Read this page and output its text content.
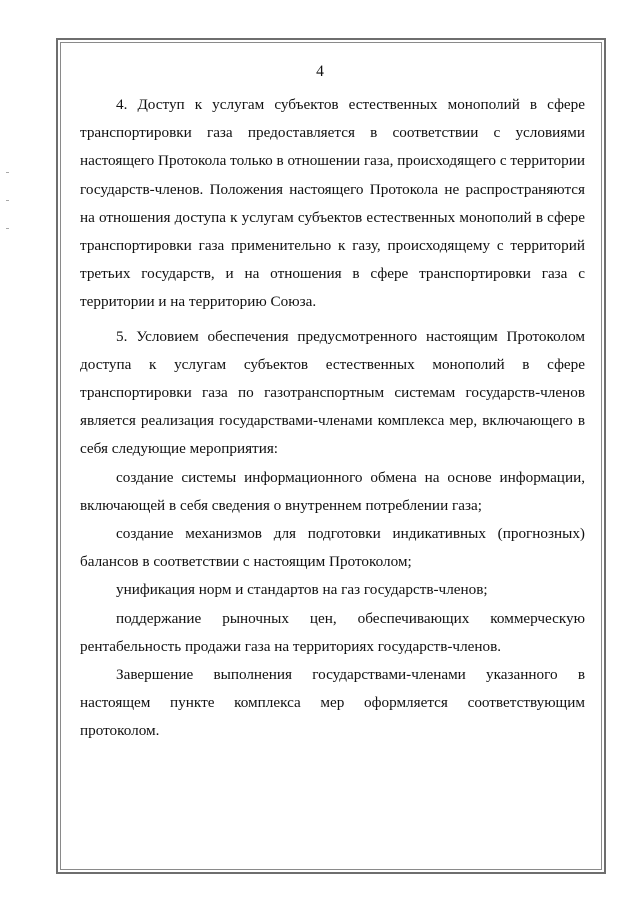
4

4. Доступ к услугам субъектов естественных монополий в сфере транспортировки газа предоставляется в соответствии с условиями настоящего Протокола только в отношении газа, происходящего с территории государств-членов. Положения настоящего Протокола не распространяются на отношения доступа к услугам субъектов естественных монополий в сфере транспортировки газа применительно к газу, происходящему с территорий третьих государств, и на отношения в сфере транспортировки газа с территории и на территорию Союза.

5. Условием обеспечения предусмотренного настоящим Протоколом доступа к услугам субъектов естественных монополий в сфере транспортировки газа по газотранспортным системам государств-членов является реализация государствами-членами комплекса мер, включающего в себя следующие мероприятия:

создание системы информационного обмена на основе информации, включающей в себя сведения о внутреннем потреблении газа;

создание механизмов для подготовки индикативных (прогнозных) балансов в соответствии с настоящим Протоколом;

унификация норм и стандартов на газ государств-членов;

поддержание рыночных цен, обеспечивающих коммерческую рентабельность продажи газа на территориях государств-членов.

Завершение выполнения государствами-членами указанного в настоящем пункте комплекса мер оформляется соответствующим протоколом.
